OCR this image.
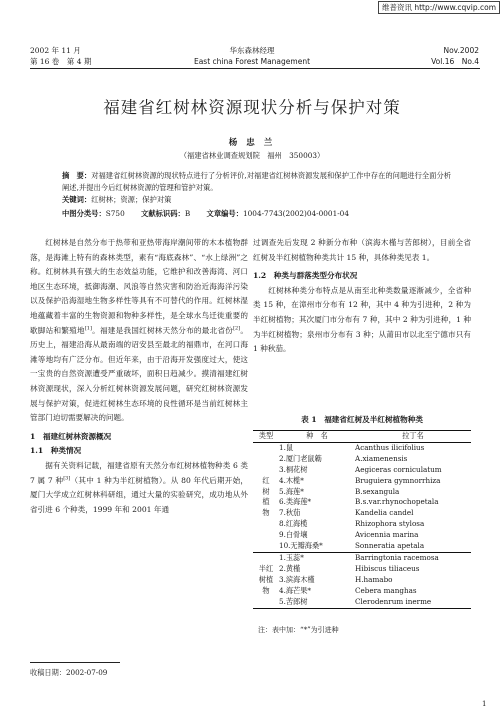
维普资讯 http://www.cqvip.com
2002 年 11 月
第 16 卷　第 4 期
华东森林经理
East china Forest Management
Nov.2002
Vol.16　No.4
福建省红树林资源现状分析与保护对策
杨 忠 兰
（福建省林业调查规划院　福州　350003）
摘　要：对福建省红树林资源的现状特点进行了分析评价,对福建省红树林资源发展和保护工作中存在的问题进行全面分析阐述,并提出今后红树林资源的管理和管护对策。
关键词：红树林；资源；保护对策
中图分类号：S750 文献标识码：B 文章编号：1004-7743(2002)04-0001-04

红树林是自然分布于热带和亚热带海岸潮间带的木本植物群落，是海滩上特有的森林类型，素有“海底森林”、“水上绿洲”之称。红树林具有强大的生态效益功能，它维护和改善海湾、河口地区生态环境，抵御海潮、风浪等自然灾害和防治近海海洋污染以及保护沿海湿地生物多样性等具有不可替代的作用。红树林湿地蕴藏着丰富的生物资源和物种多样性，是全球水鸟迁徙重要的歇脚站和繁殖地[1]。福建是我国红树林天然分布的最北省份[2]。历史上，福建沿海从最南端的诏安县至最北的福鼎市，在河口海滩等地均有广泛分布。但近年来，由于沿海开发强度过大，使这一宝贵的自然资源遭受严重破坏，面积日趋减少。摸清福建红树林资源现状，深入分析红树林资源发展问题，研究红树林资源发展与保护对策，促进红树林生态环境的良性循环是当前红树林主管部门迫切需要解决的问题。

1　福建红树林资源概况
1.1　种类情况

据有关资料记载，福建省原有天然分布红树林植物种类 6 类 7 属 7 种[3]（其中 1 种为半红树植物）。从 80 年代后期开始，厦门大学成立红树林科研组，通过大量的实验研究，成功地从外省引进 6 个种类，1999 年和 2001 年通

过调查先后发现 2 种新分布种（滨海木槿与苦郎树），目前全省红树及半红树植物种类共计 15 种，具体种类见表 1。

1.2　种类与群落类型分布状况

红树林种类分布特点是从南至北种类数量逐渐减少，全省种类 15 种，在漳州市分布有 12 种，其中 4 种为引进种，2 种为半红树植物；其次厦门市分布有 7 种，其中 2 种为引进种，1 种为半红树植物；泉州市分布有 3 种；从莆田市以北至宁德市只有 1 种秋茄。

表 1　福建省红树及半红树植物种类
类型	种　名	拉丁名

红
树
植
物	1.鼠	Acanthus ilicifolius
	2.厦门老鼠簕	A.xiamenensis
	3.桐花树	Aegiceras corniculatum
	4.木榄*	Bruguiera gymnorrhiza
	5.海莲*	B.sexangula
	6.类海莲*	B.s.var.rhynochopetala
	7.秋茄	Kandelia candel
	8.红海榄	Rhizophora stylosa
	9.白骨壤	Avicennia marina
	10.无瓣海桑*	Sonneratia apetala

半红
树植
物	1.玉蕊*	Barringtonia racemosa
	2.黄槿	Hibiscus tiliaceus
	3.滨海木槿	H.hamabo
	4.海芒果*	Cebera manghas
	5.苦郎树	Clerodenrum inerme
注：表中加：“*”为引进种
收稿日期：2002-07-09
1
